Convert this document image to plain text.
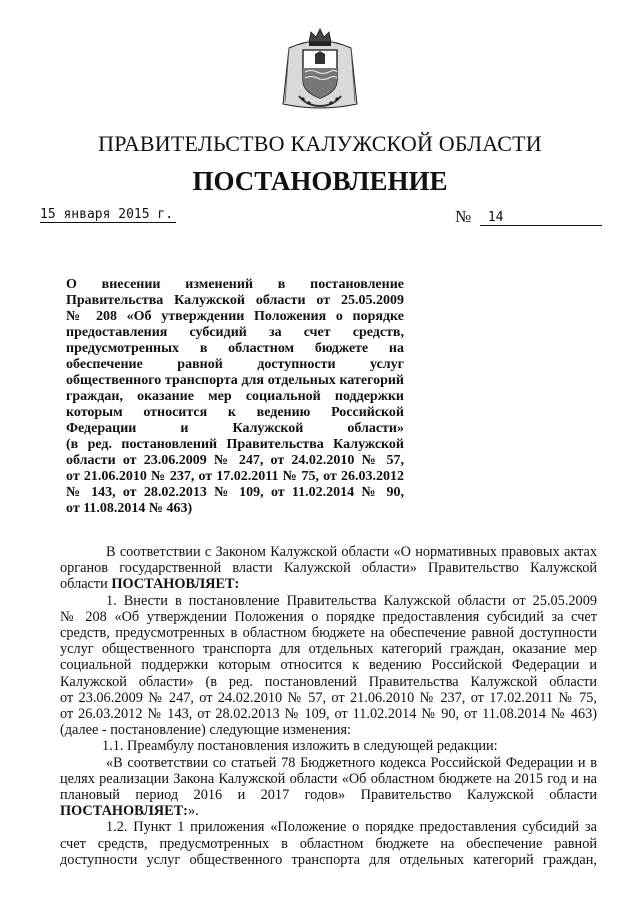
ПРАВИТЕЛЬСТВО КАЛУЖСКОЙ ОБЛАСТИ
ПОСТАНОВЛЕНИЕ
15 января 2015 г.	№	14
О внесении изменений в постановление
Правительства Калужской области от 25.05.2009
№ 208 «Об утверждении Положения о порядке
предоставления субсидий за счет средств,
предусмотренных в областном бюджете на
обеспечение равной доступности услуг
общественного транспорта для отдельных категорий
граждан, оказание мер социальной поддержки
которым относится к ведению Российской
Федерации и Калужской области»
(в ред. постановлений Правительства Калужской
области от 23.06.2009 № 247, от 24.02.2010 № 57,
от 21.06.2010 № 237, от 17.02.2011 № 75, от 26.03.2012
№ 143, от 28.02.2013 № 109, от 11.02.2014 № 90,
от 11.08.2014 № 463)
В соответствии с Законом Калужской области «О нормативных правовых актах
органов государственной власти Калужской области» Правительство Калужской
области ПОСТАНОВЛЯЕТ:
1. Внести в постановление Правительства Калужской области от 25.05.2009
№ 208 «Об утверждении Положения о порядке предоставления субсидий за счет
средств, предусмотренных в областном бюджете на обеспечение равной доступности
услуг общественного транспорта для отдельных категорий граждан, оказание мер
социальной поддержки которым относится к ведению Российской Федерации и
Калужской области» (в ред. постановлений Правительства Калужской области
от 23.06.2009 № 247, от 24.02.2010 № 57, от 21.06.2010 № 237, от 17.02.2011 № 75,
от 26.03.2012 № 143, от 28.02.2013 № 109, от 11.02.2014 № 90, от 11.08.2014 № 463)
(далее - постановление) следующие изменения:
1.1. Преамбулу постановления изложить в следующей редакции:
«В соответствии со статьей 78 Бюджетного кодекса Российской Федерации и в
целях реализации Закона Калужской области «Об областном бюджете на 2015 год и на
плановый период 2016 и 2017 годов» Правительство Калужской области
ПОСТАНОВЛЯЕТ:».
1.2. Пункт 1 приложения «Положение о порядке предоставления субсидий за
счет средств, предусмотренных в областном бюджете на обеспечение равной
доступности услуг общественного транспорта для отдельных категорий граждан,
